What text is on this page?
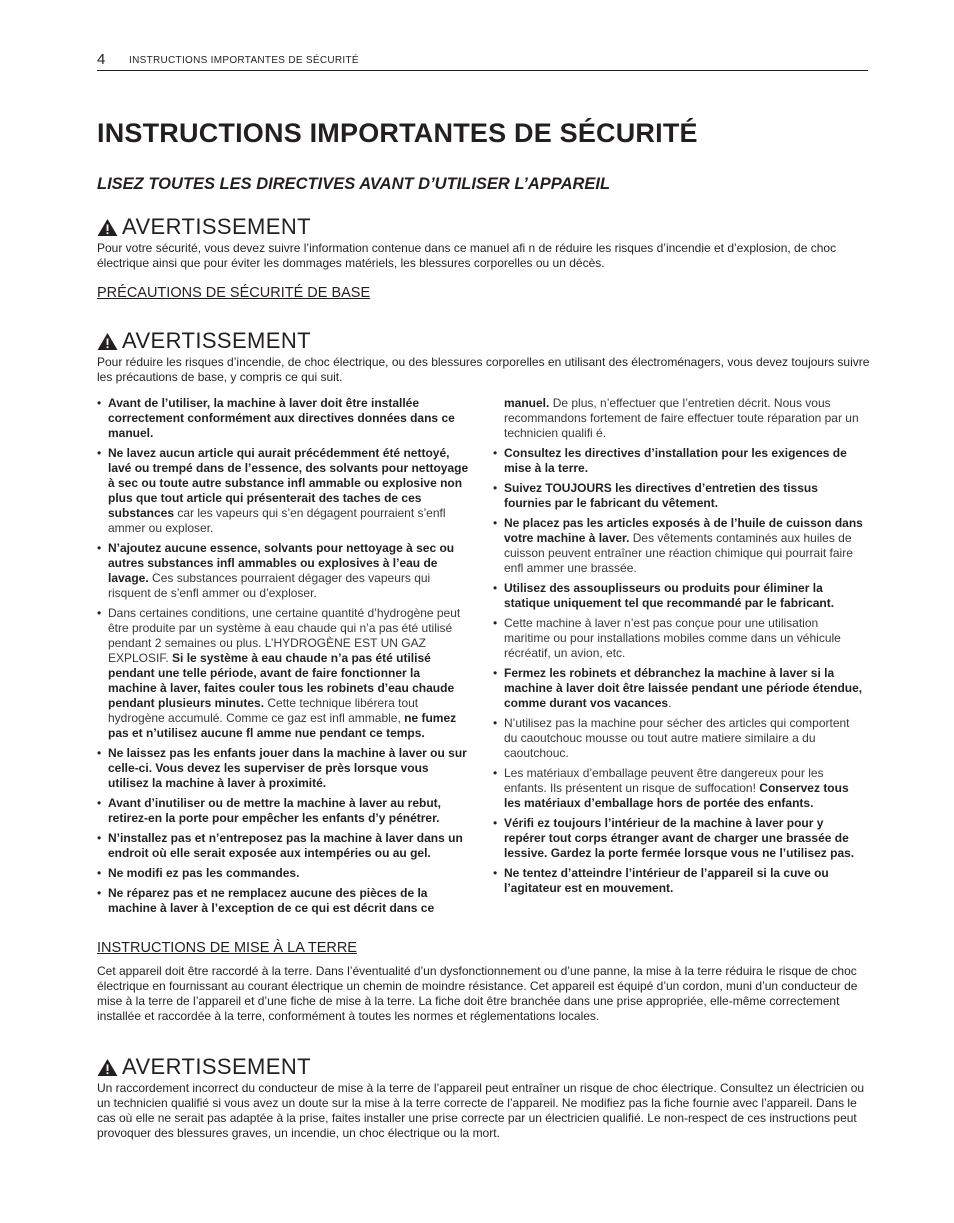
4 INSTRUCTIONS IMPORTANTES DE SÉCURITÉ
INSTRUCTIONS IMPORTANTES DE SÉCURITÉ
LISEZ TOUTES LES DIRECTIVES AVANT D’UTILISER L’APPAREIL
AVERTISSEMENT
Pour votre sécurité, vous devez suivre l’information contenue dans ce manuel afi n de réduire les risques d’incendie et d’explosion, de choc électrique ainsi que pour éviter les dommages matériels, les blessures corporelles ou un décès.
PRÉCAUTIONS DE SÉCURITÉ DE BASE
AVERTISSEMENT
Pour réduire les risques d’incendie, de choc électrique, ou des blessures corporelles en utilisant des électroménagers, vous devez toujours suivre les précautions de base, y compris ce qui suit.
• Avant de l’utiliser, la machine à laver doit être installée correctement conformément aux directives données dans ce manuel.
• Ne lavez aucun article qui aurait précédemment été nettoyé, lavé ou trempé dans de l’essence, des solvants pour nettoyage à sec ou toute autre substance infl ammable ou explosive non plus que tout article qui présenterait des taches de ces substances car les vapeurs qui s’en dégagent pourraient s’enfl ammer ou exploser.
• N’ajoutez aucune essence, solvants pour nettoyage à sec ou autres substances infl ammables ou explosives à l’eau de lavage. Ces substances pourraient dégager des vapeurs qui risquent de s’enfl ammer ou d’exploser.
• Dans certaines conditions, une certaine quantité d’hydrogène peut être produite par un système à eau chaude qui n’a pas été utilisé pendant 2 semaines ou plus. L’HYDROGÈNE EST UN GAZ EXPLOSIF. Si le système à eau chaude n’a pas été utilisé pendant une telle période, avant de faire fonctionner la machine à laver, faites couler tous les robinets d’eau chaude pendant plusieurs minutes. Cette technique libérera tout hydrogène accumulé. Comme ce gaz est infl ammable, ne fumez pas et n’utilisez aucune fl amme nue pendant ce temps.
• Ne laissez pas les enfants jouer dans la machine à laver ou sur celle-ci. Vous devez les superviser de près lorsque vous utilisez la machine à laver à proximité.
• Avant d’inutiliser ou de mettre la machine à laver au rebut, retirez-en la porte pour empêcher les enfants d’y pénétrer.
• N’installez pas et n’entreposez pas la machine à laver dans un endroit où elle serait exposée aux intempéries ou au gel.
• Ne modifi ez pas les commandes.
• Ne réparez pas et ne remplacez aucune des pièces de la machine à laver à l’exception de ce qui est décrit dans ce
manuel. De plus, n’effectuer que l’entretien décrit. Nous vous recommandons fortement de faire effectuer toute réparation par un technicien qualifi é.
• Consultez les directives d’installation pour les exigences de mise à la terre.
• Suivez TOUJOURS les directives d’entretien des tissus fournies par le fabricant du vêtement.
• Ne placez pas les articles exposés à de l’huile de cuisson dans votre machine à laver. Des vêtements contaminés aux huiles de cuisson peuvent entraîner une réaction chimique qui pourrait faire enfl ammer une brassée.
• Utilisez des assouplisseurs ou produits pour éliminer la statique uniquement tel que recommandé par le fabricant.
• Cette machine à laver n’est pas conçue pour une utilisation maritime ou pour installations mobiles comme dans un véhicule récréatif, un avion, etc.
• Fermez les robinets et débranchez la machine à laver si la machine à laver doit être laissée pendant une période étendue, comme durant vos vacances.
• N’utilisez pas la machine pour sécher des articles qui comportent du caoutchouc mousse ou tout autre matiere similaire a du caoutchouc.
• Les matériaux d’emballage peuvent être dangereux pour les enfants. Ils présentent un risque de suffocation! Conservez tous les matériaux d’emballage hors de portée des enfants.
• Vérifi ez toujours l’intérieur de la machine à laver pour y repérer tout corps étranger avant de charger une brassée de lessive. Gardez la porte fermée lorsque vous ne l’utilisez pas.
• Ne tentez d’atteindre l’intérieur de l’appareil si la cuve ou l’agitateur est en mouvement.
INSTRUCTIONS DE MISE À LA TERRE
Cet appareil doit être raccordé à la terre. Dans l’éventualité d’un dysfonctionnement ou d’une panne, la mise à la terre réduira le risque de choc électrique en fournissant au courant électrique un chemin de moindre résistance. Cet appareil est équipé d’un cordon, muni d’un conducteur de mise à la terre de l’appareil et d’une fiche de mise à la terre. La fiche doit être branchée dans une prise appropriée, elle-même correctement installée et raccordée à la terre, conformément à toutes les normes et réglementations locales.
AVERTISSEMENT
Un raccordement incorrect du conducteur de mise à la terre de l’appareil peut entraîner un risque de choc électrique. Consultez un électricien ou un technicien qualifié si vous avez un doute sur la mise à la terre correcte de l’appareil. Ne modifiez pas la fiche fournie avec l’appareil. Dans le cas où elle ne serait pas adaptée à la prise, faites installer une prise correcte par un électricien qualifié. Le non-respect de ces instructions peut provoquer des blessures graves, un incendie, un choc électrique ou la mort.
